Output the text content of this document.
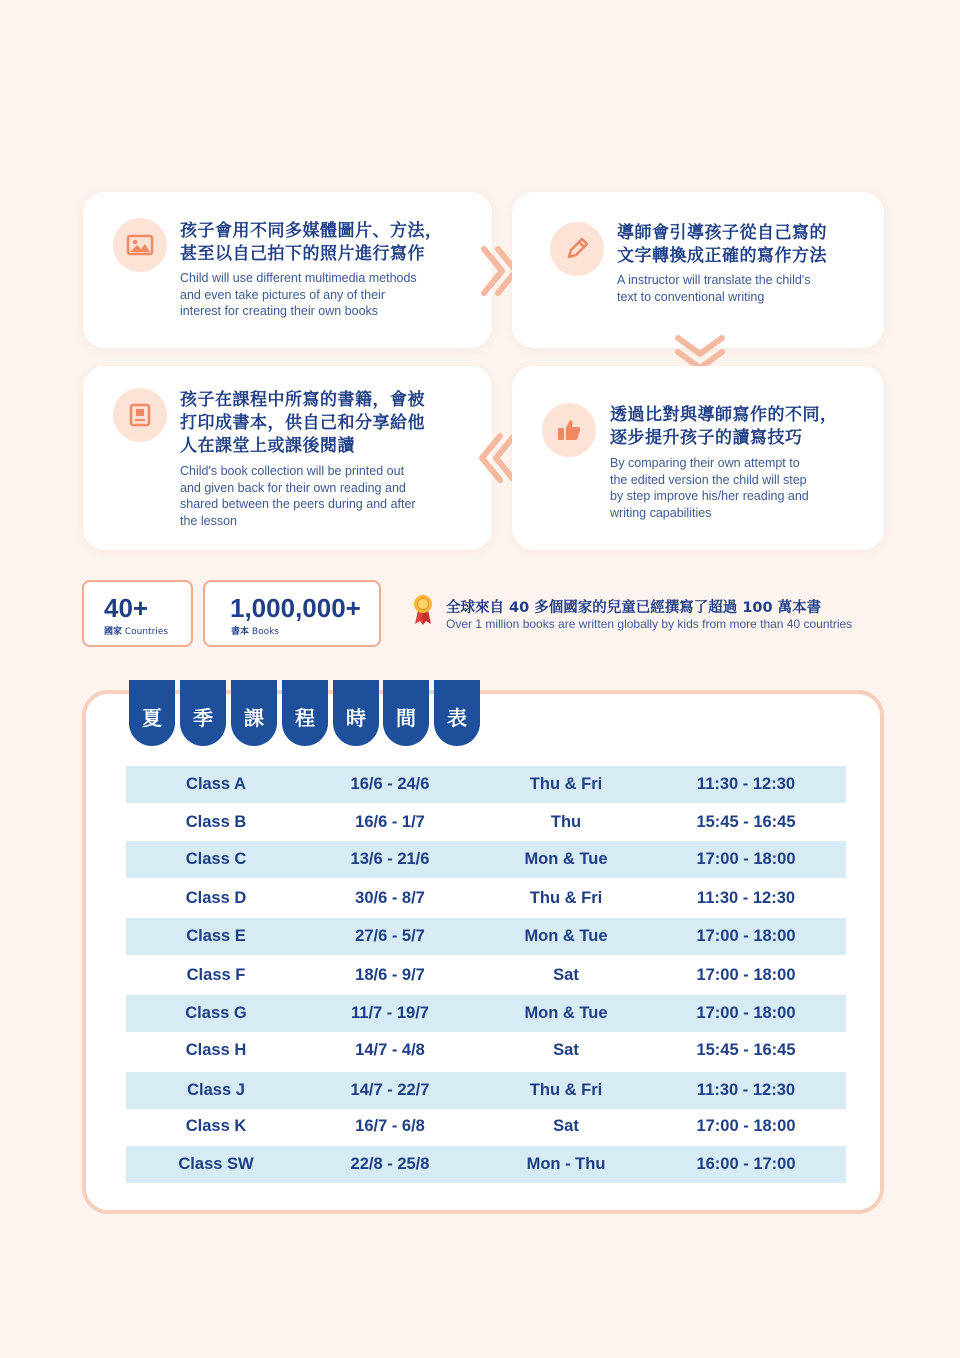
孩子會用不同多媒體圖片、方法，
甚至以自己拍下的照片進行寫作
Child will use different multimedia methods
and even take pictures of any of their
interest for creating their own books
導師會引導孩子從自己寫的
文字轉換成正確的寫作方法
A instructor will translate the child's
text to conventional writing
孩子在課程中所寫的書籍，會被
打印成書本，供自己和分享給他
人在課堂上或課後閱讀
Child's book collection will be printed out
and given back for their own reading and
shared between the peers during and after
the lesson
透過比對與導師寫作的不同，
逐步提升孩子的讀寫技巧
By comparing their own attempt to
the edited version the child will step
by step improve his/her reading and
writing capabilities
40+
國家 Countries
1,000,000+
書本 Books
全球來自 40 多個國家的兒童已經撰寫了超過 100 萬本書
Over 1 million books are written globally by kids from more than 40 countries
夏	季	課	程	時	間	表
Class A	16/6 - 24/6	Thu & Fri	11:30 - 12:30
Class B	16/6 - 1/7	Thu	15:45 - 16:45
Class C	13/6 - 21/6	Mon & Tue	17:00 - 18:00
Class D	30/6 - 8/7	Thu & Fri	11:30 - 12:30
Class E	27/6 - 5/7	Mon & Tue	17:00 - 18:00
Class F	18/6 - 9/7	Sat	17:00 - 18:00
Class G	11/7 - 19/7	Mon & Tue	17:00 - 18:00
Class H	14/7 - 4/8	Sat	15:45 - 16:45
Class J	14/7 - 22/7	Thu & Fri	11:30 - 12:30
Class K	16/7 - 6/8	Sat	17:00 - 18:00
Class SW	22/8 - 25/8	Mon - Thu	16:00 - 17:00
